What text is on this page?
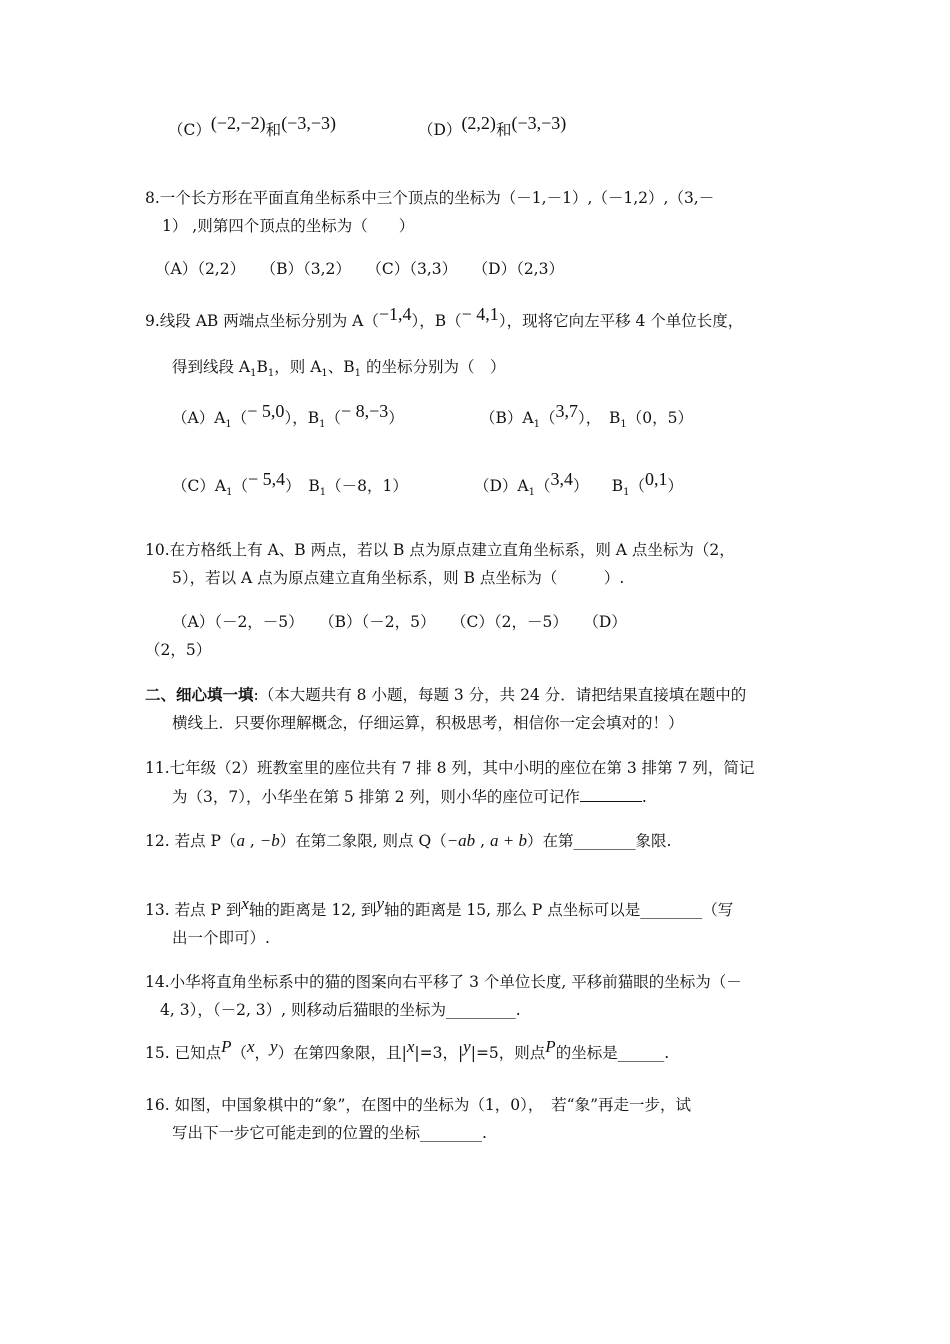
（C）(−2,−2)和(−3,−3)	（D）(2,2)和(−3,−3)
8.一个长方形在平面直角坐标系中三个顶点的坐标为（－1,－1）,（－1,2）,（3,－
1） ,则第四个顶点的坐标为（　　）
（A）（2,2）　　（B）（3,2）　　（C）（3,3）　　（D）（2,3）
9.线段 AB 两端点坐标分别为 A（−1,4），B（− 4,1），现将它向左平移 4 个单位长度，
得到线段 $A_1B_1$，则 $A_1$、$B_1$ 的坐标分别为（　）
$(A)A_1(- 5,0)$，$B_1(- 8,-3)$	$(B)A_1(3,7)$，　$B_1(0$，5）
$(C)A_1(- 5,4)$　$B_1(-8$，1）	$(D)A_1(3,4)$　　$B_1(0,1)$
10.在方格纸上有 A、B 两点，若以 B 点为原点建立直角坐标系，则 A 点坐标为（2，
5），若以 A 点为原点建立直角坐标系，则 B 点坐标为（　　　）.
（A）（－2，－5）　　（B）（－2，5）　　（C）（2，－5）　　（D）
（2，5）
二、细心填一填:（本大题共有 8 小题，每题 3 分，共 24 分．请把结果直接填在题中的
横线上．只要你理解概念，仔细运算，积极思考，相信你一定会填对的！）
11.七年级（2）班教室里的座位共有 7 排 8 列，其中小明的座位在第 3 排第 7 列，简记
为（3，7），小华坐在第 5 排第 2 列，则小华的座位可记作	.
12. 若点 P（a , −b）在第二象限, 则点 Q（−ab , a + b）在第________象限.
13. 若点 P 到x轴的距离是 12, 到y轴的距离是 15, 那么 P 点坐标可以是________（写
出一个即可）.
14.小华将直角坐标系中的猫的图案向右平移了 3 个单位长度, 平移前猫眼的坐标为（－
4, 3），（－2, 3）, 则移动后猫眼的坐标为_________.
15. 已知点P（x，y）在第四象限，且|x|=3，|y|=5，则点P的坐标是______.
16. 如图，中国象棋中的“象”，在图中的坐标为（1，0），　若“象”再走一步，试
写出下一步它可能走到的位置的坐标________.
